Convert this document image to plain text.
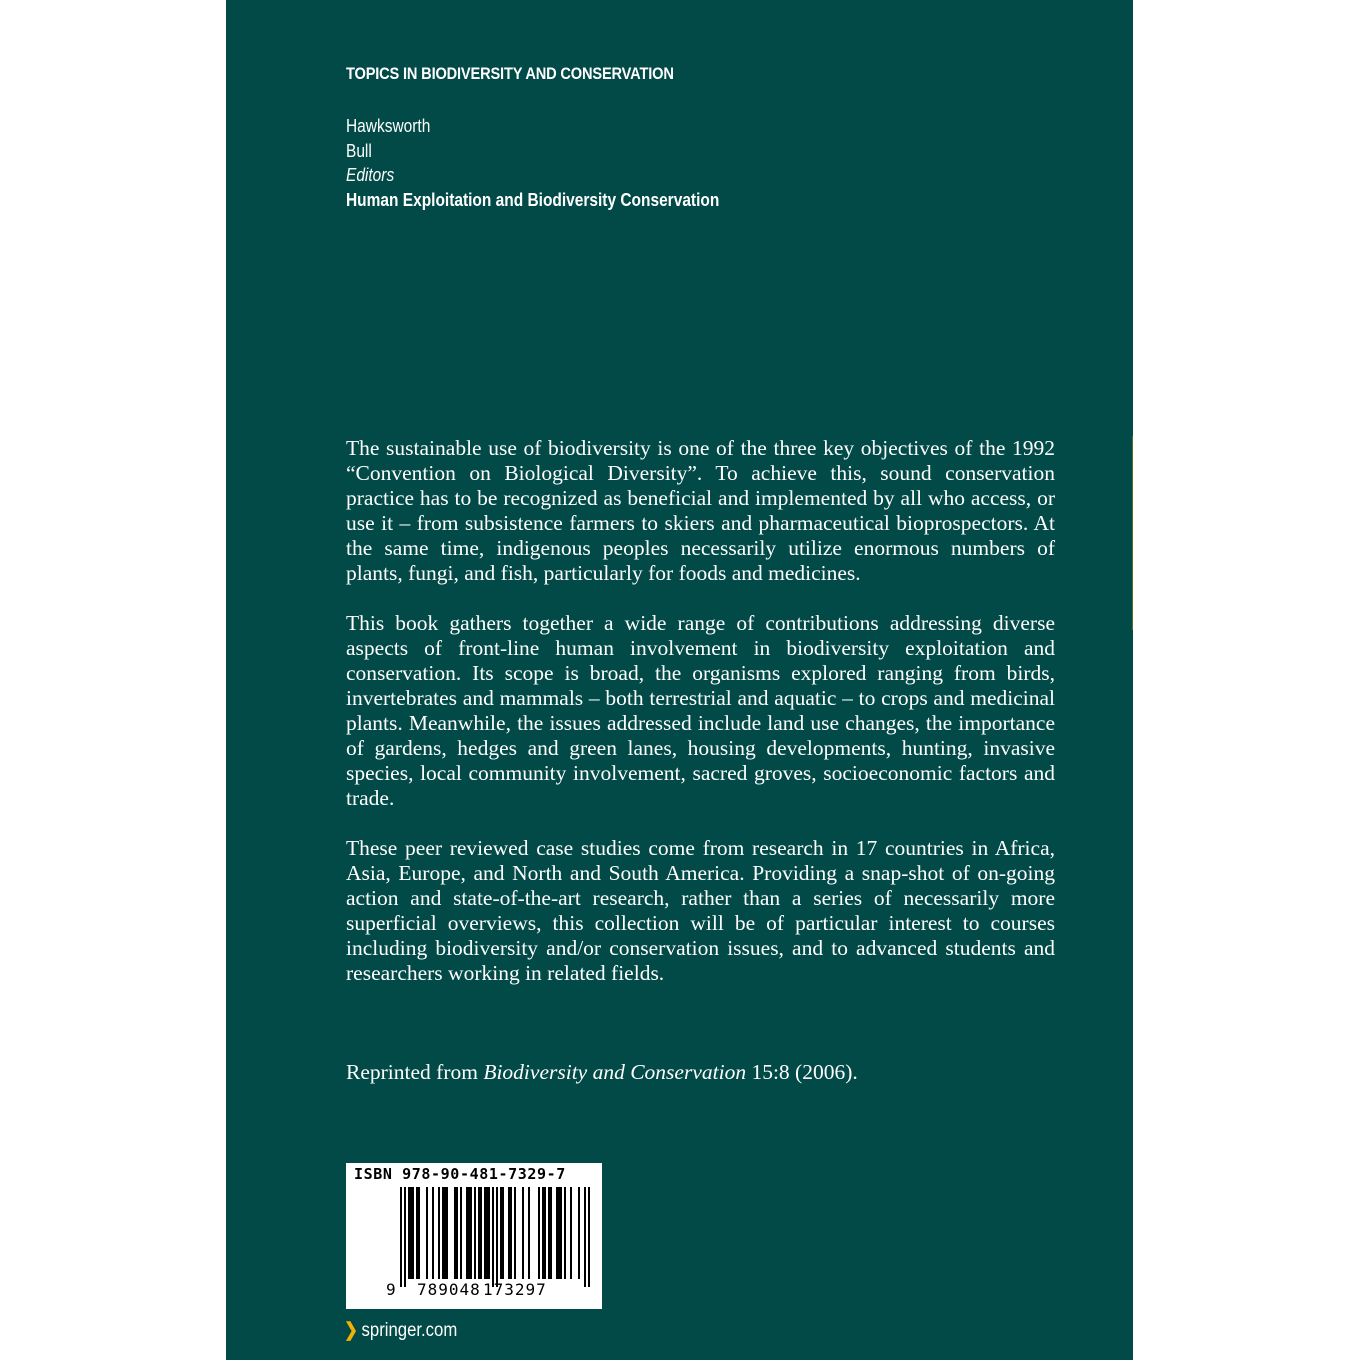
TOPICS IN BIODIVERSITY AND CONSERVATION
Hawksworth
Bull
Editors
Human Exploitation and Biodiversity Conservation

The sustainable use of biodiversity is one of the three key objectives of the 1992 “Convention on Biological Diversity”. To achieve this, sound conservation practice has to be recognized as beneficial and implemented by all who access, or use it – from subsistence farmers to skiers and pharmaceutical bioprospectors. At the same time, indigenous peoples necessarily utilize enormous numbers of plants, fungi, and fish, particularly for foods and medicines.

This book gathers together a wide range of contributions addressing diverse aspects of front-line human involvement in biodiversity exploitation and conservation. Its scope is broad, the organisms explored ranging from birds, invertebrates and mammals – both terrestrial and aquatic – to crops and medicinal plants. Meanwhile, the issues addressed include land use changes, the importance of gardens, hedges and green lanes, housing developments, hunting, invasive species, local community involvement, sacred groves, socioeconomic factors and trade.

These peer reviewed case studies come from research in 17 countries in Africa, Asia, Europe, and North and South America. Providing a snap-shot of on-going action and state-of-the-art research, rather than a series of necessarily more superficial overviews, this collection will be of particular interest to courses including biodiversity and/or conservation issues, and to advanced students and researchers working in related fields.

Reprinted from Biodiversity and Conservation 15:8 (2006).
ISBN 978-90-481-7329-7
9 789048 173297
❯ springer.com
